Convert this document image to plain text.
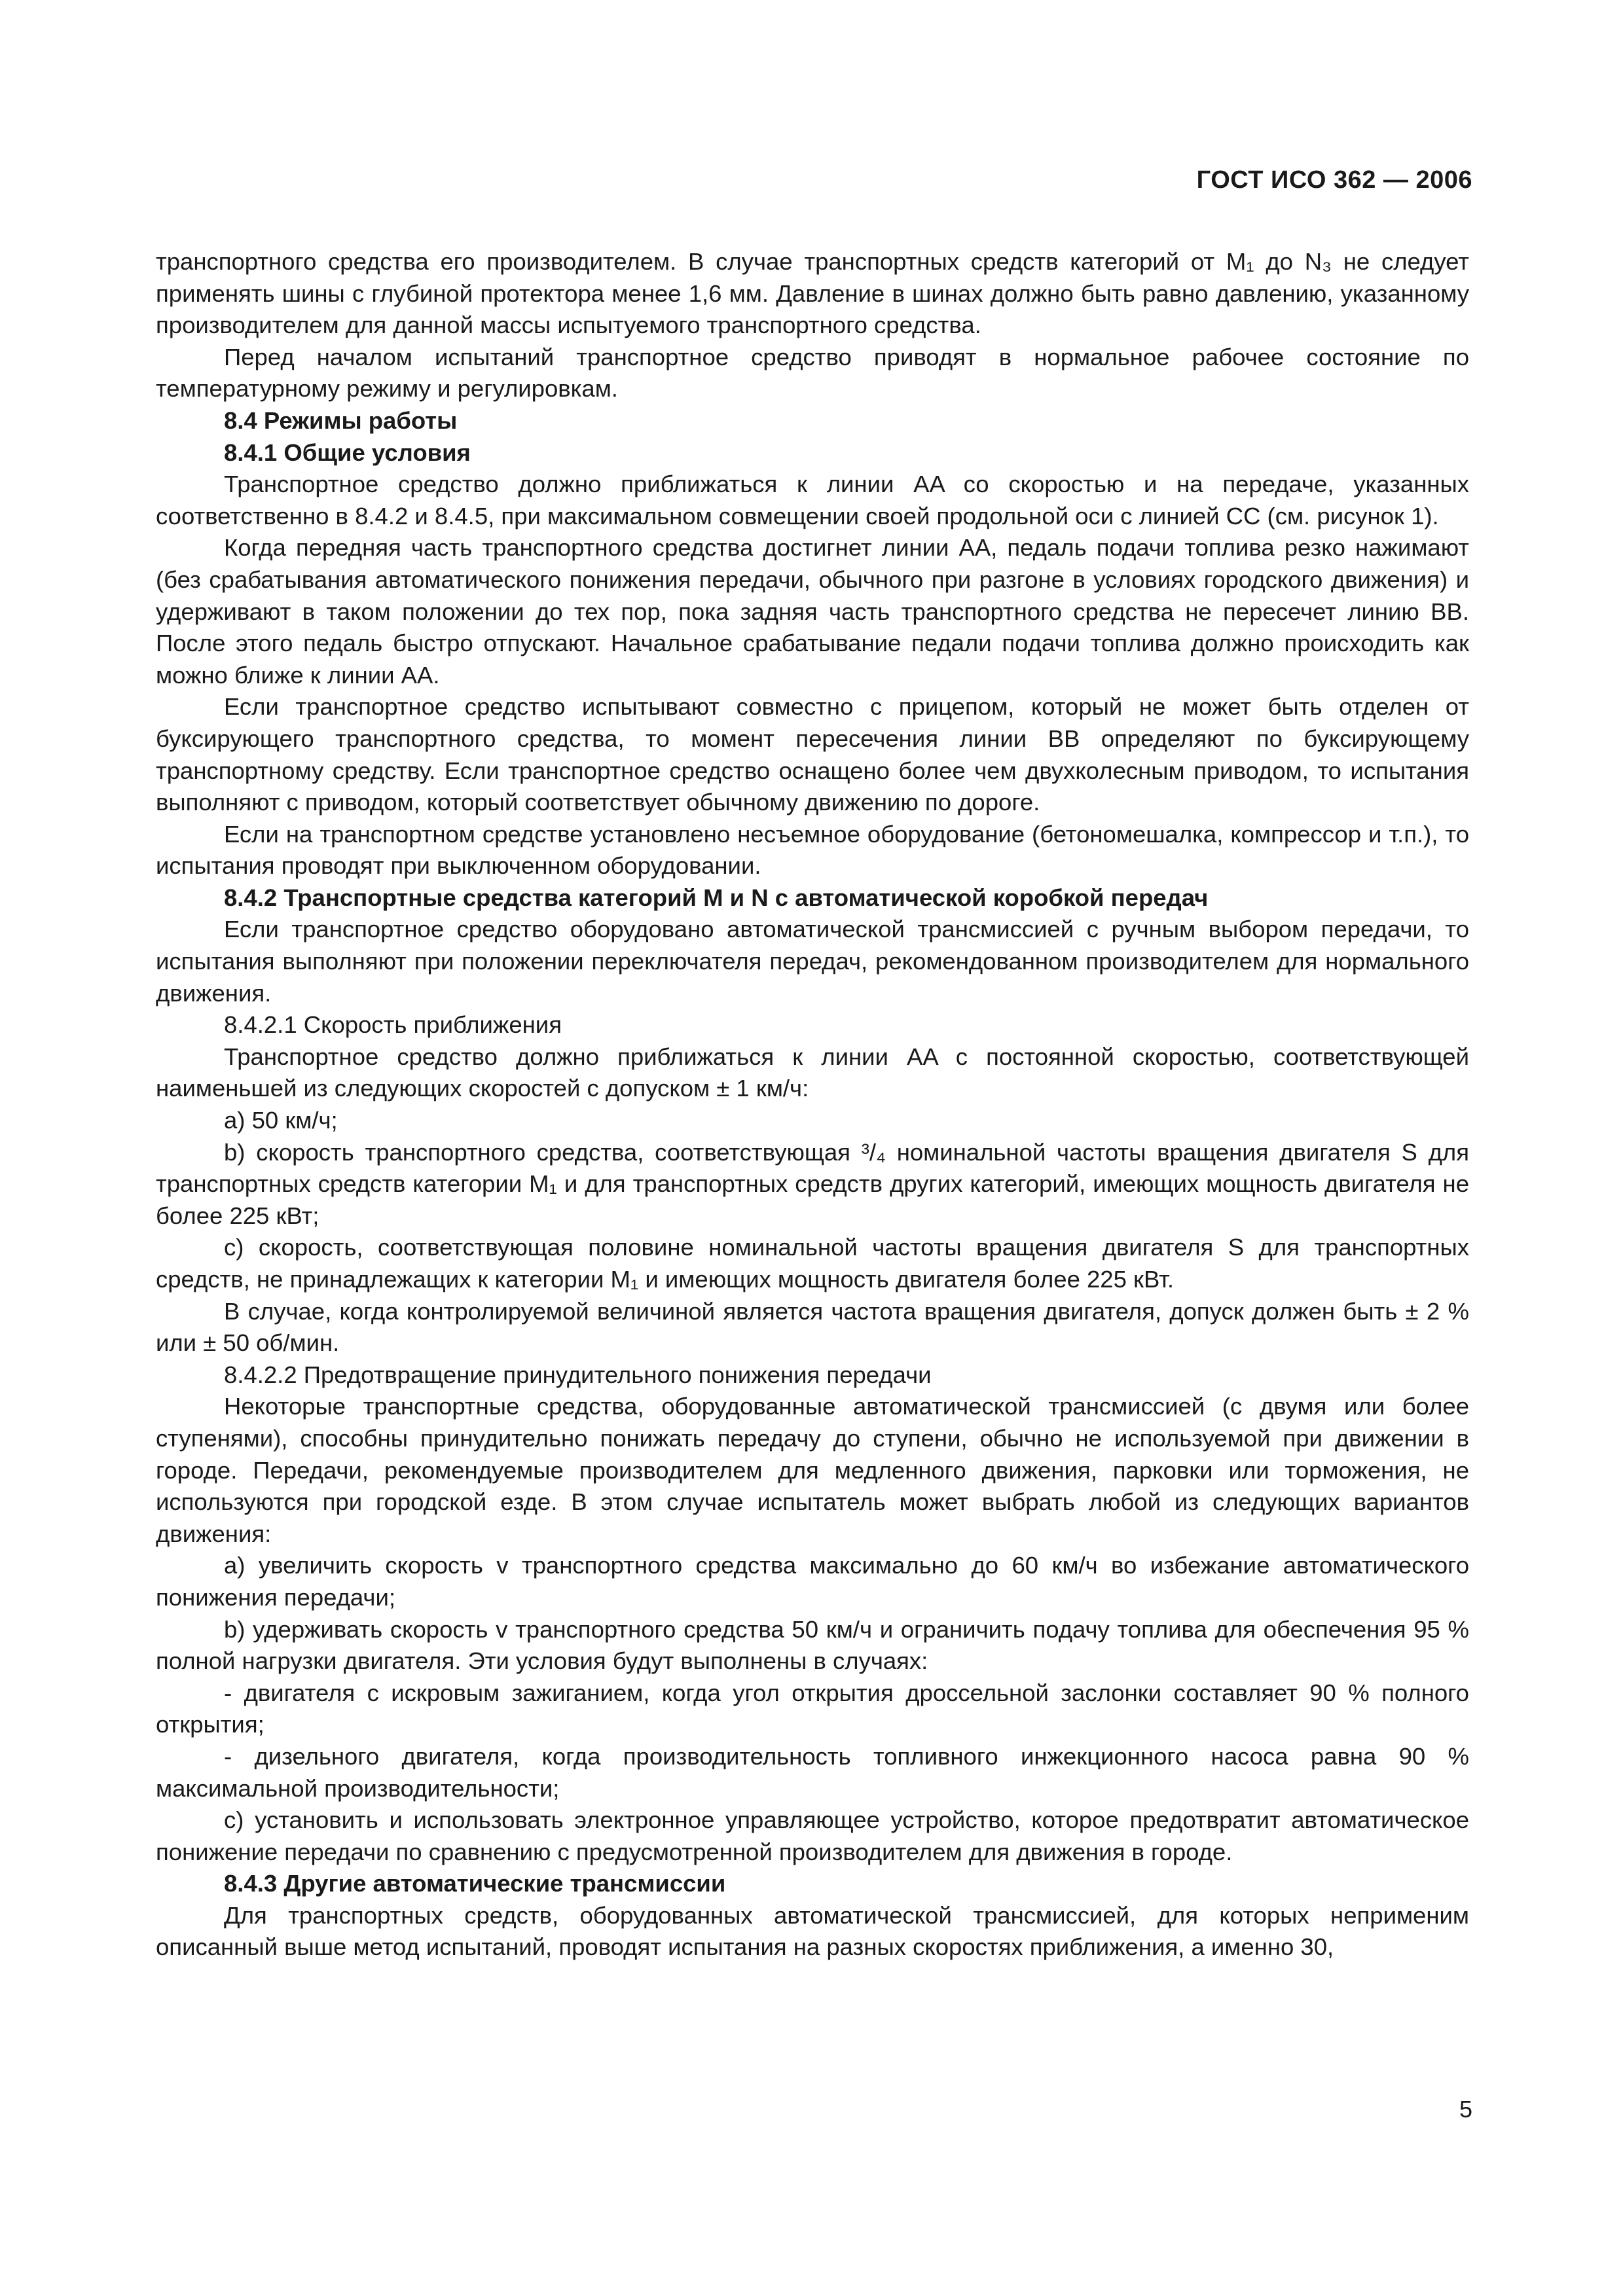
ГОСТ ИСО 362 — 2006

транспортного средства его производителем. В случае транспортных средств категорий от M₁ до N₃ не следует применять шины с глубиной протектора менее 1,6 мм. Давление в шинах должно быть равно давлению, указанному производителем для данной массы испытуемого транспортного средства.

Перед началом испытаний транспортное средство приводят в нормальное рабочее состояние по температурному режиму и регулировкам.

8.4 Режимы работы

8.4.1 Общие условия

Транспортное средство должно приближаться к линии AA со скоростью и на передаче, указанных соответственно в 8.4.2 и 8.4.5, при максимальном совмещении своей продольной оси с линией CC (см. рисунок 1).

Когда передняя часть транспортного средства достигнет линии AA, педаль подачи топлива резко нажимают (без срабатывания автоматического понижения передачи, обычного при разгоне в условиях городского движения) и удерживают в таком положении до тех пор, пока задняя часть транспортного средства не пересечет линию BB. После этого педаль быстро отпускают. Начальное срабатывание педали подачи топлива должно происходить как можно ближе к линии AA.

Если транспортное средство испытывают совместно с прицепом, который не может быть отделен от буксирующего транспортного средства, то момент пересечения линии BB определяют по буксирующему транспортному средству. Если транспортное средство оснащено более чем двухколесным приводом, то испытания выполняют с приводом, который соответствует обычному движению по дороге.

Если на транспортном средстве установлено несъемное оборудование (бетономешалка, компрессор и т.п.), то испытания проводят при выключенном оборудовании.

8.4.2 Транспортные средства категорий M и N с автоматической коробкой передач

Если транспортное средство оборудовано автоматической трансмиссией с ручным выбором передачи, то испытания выполняют при положении переключателя передач, рекомендованном производителем для нормального движения.

8.4.2.1 Скорость приближения

Транспортное средство должно приближаться к линии AA с постоянной скоростью, соответствующей наименьшей из следующих скоростей с допуском ± 1 км/ч:

a) 50 км/ч;

b) скорость транспортного средства, соответствующая ³/₄ номинальной частоты вращения двигателя S для транспортных средств категории M₁ и для транспортных средств других категорий, имеющих мощность двигателя не более 225 кВт;

c) скорость, соответствующая половине номинальной частоты вращения двигателя S для транспортных средств, не принадлежащих к категории M₁ и имеющих мощность двигателя более 225 кВт.

В случае, когда контролируемой величиной является частота вращения двигателя, допуск должен быть ± 2 % или ± 50 об/мин.

8.4.2.2 Предотвращение принудительного понижения передачи

Некоторые транспортные средства, оборудованные автоматической трансмиссией (с двумя или более ступенями), способны принудительно понижать передачу до ступени, обычно не используемой при движении в городе. Передачи, рекомендуемые производителем для медленного движения, парковки или торможения, не используются при городской езде. В этом случае испытатель может выбрать любой из следующих вариантов движения:

a) увеличить скорость v транспортного средства максимально до 60 км/ч во избежание автоматического понижения передачи;

b) удерживать скорость v транспортного средства 50 км/ч и ограничить подачу топлива для обеспечения 95 % полной нагрузки двигателя. Эти условия будут выполнены в случаях:

- двигателя с искровым зажиганием, когда угол открытия дроссельной заслонки составляет 90 % полного открытия;

- дизельного двигателя, когда производительность топливного инжекционного насоса равна 90 % максимальной производительности;

c) установить и использовать электронное управляющее устройство, которое предотвратит автоматическое понижение передачи по сравнению с предусмотренной производителем для движения в городе.

8.4.3 Другие автоматические трансмиссии

Для транспортных средств, оборудованных автоматической трансмиссией, для которых неприменим описанный выше метод испытаний, проводят испытания на разных скоростях приближения, а именно 30,

5
